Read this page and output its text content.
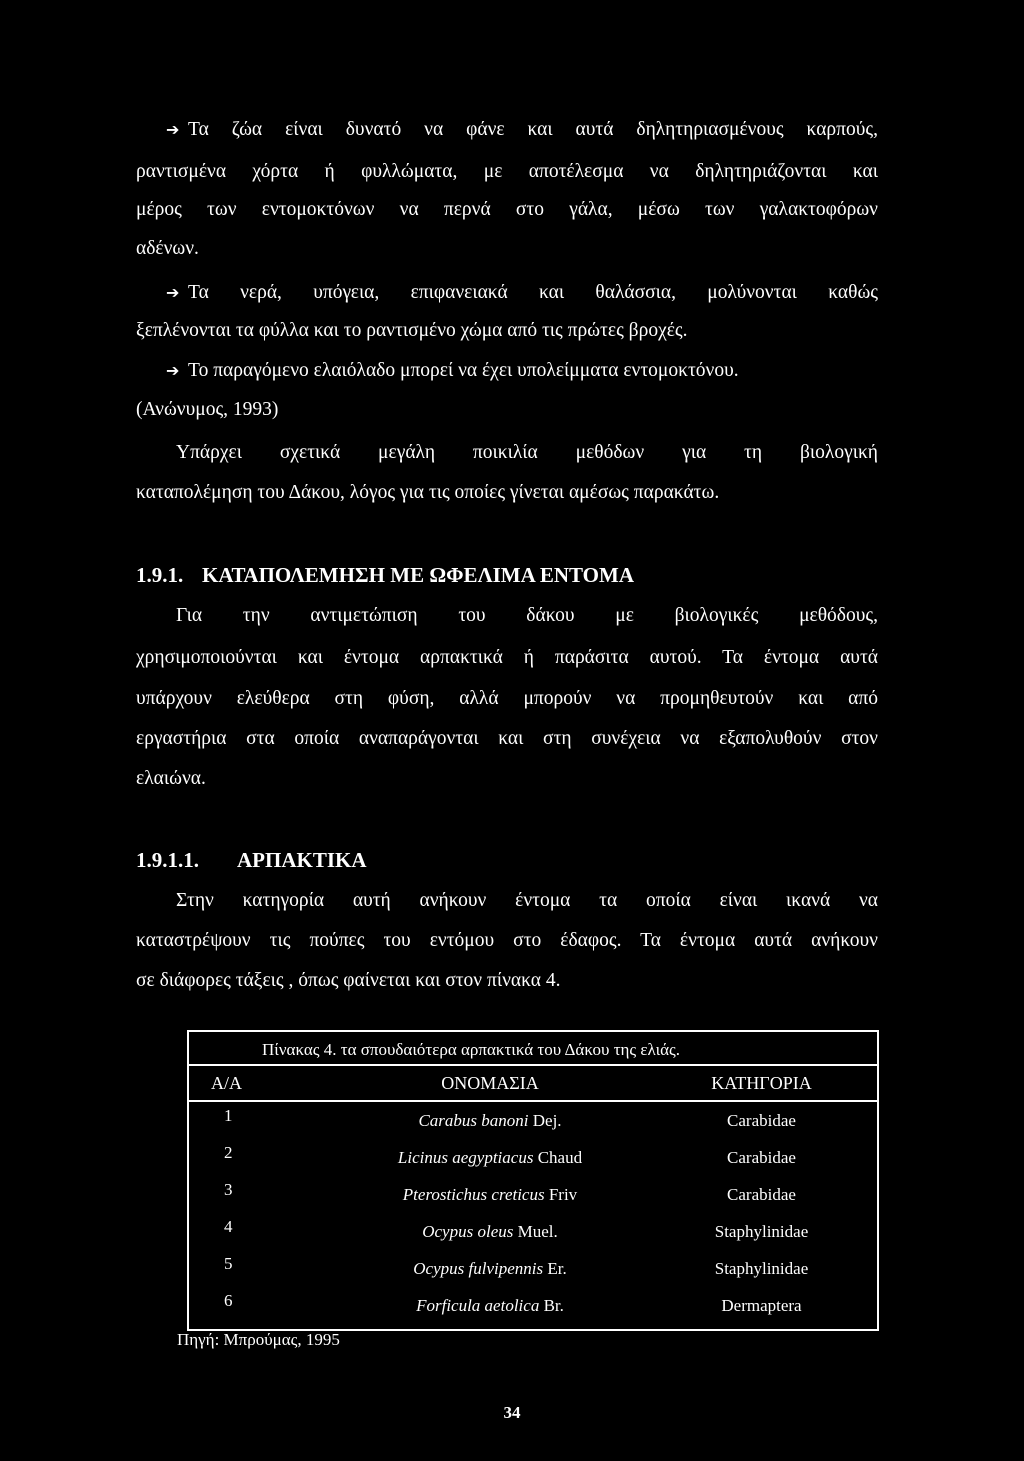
➔ Τα ζώα είναι δυνατό να φάνε και αυτά δηλητηριασμένους καρπούς,
ραντισμένα χόρτα ή φυλλώματα, με αποτέλεσμα να δηλητηριάζονται και
μέρος των εντομοκτόνων να περνά στο γάλα, μέσω των γαλακτοφόρων
αδένων.
➔ Τα νερά, υπόγεια, επιφανειακά και θαλάσσια, μολύνονται καθώς
ξεπλένονται τα φύλλα και το ραντισμένο χώμα από τις πρώτες βροχές.
➔ Το παραγόμενο ελαιόλαδο μπορεί να έχει υπολείμματα εντομοκτόνου.
(Ανώνυμος, 1993)
Υπάρχει σχετικά μεγάλη ποικιλία μεθόδων για τη βιολογική
καταπολέμηση του Δάκου, λόγος για τις οποίες γίνεται αμέσως παρακάτω.
1.9.1. ΚΑΤΑΠΟΛΕΜΗΣΗ ΜΕ ΩΦΕΛΙΜΑ ΕΝΤΟΜΑ
Για την αντιμετώπιση του δάκου με βιολογικές μεθόδους,
χρησιμοποιούνται και έντομα αρπακτικά ή παράσιτα αυτού. Τα έντομα αυτά
υπάρχουν ελεύθερα στη φύση, αλλά μπορούν να προμηθευτούν και από
εργαστήρια στα οποία αναπαράγονται και στη συνέχεια να εξαπολυθούν στον
ελαιώνα.
1.9.1.1. ΑΡΠΑΚΤΙΚΑ
Στην κατηγορία αυτή ανήκουν έντομα τα οποία είναι ικανά να
καταστρέψουν τις πούπες του εντόμου στο έδαφος. Τα έντομα αυτά ανήκουν
σε διάφορες τάξεις , όπως φαίνεται και στον πίνακα 4.
Πίνακας 4. τα σπουδαιότερα αρπακτικά του Δάκου της ελιάς.
Α/Α	ΟΝΟΜΑΣΙΑ	ΚΑΤΗΓΟΡΙΑ
1	Carabus banoni Dej.	Carabidae
2	Licinus aegyptiacus Chaud	Carabidae
3	Pterostichus creticus Friv	Carabidae
4	Ocypus oleus Muel.	Staphylinidae
5	Ocypus fulvipennis Er.	Staphylinidae
6	Forficula aetolica Br.	Dermaptera
Πηγή: Μπρούμας, 1995
34
